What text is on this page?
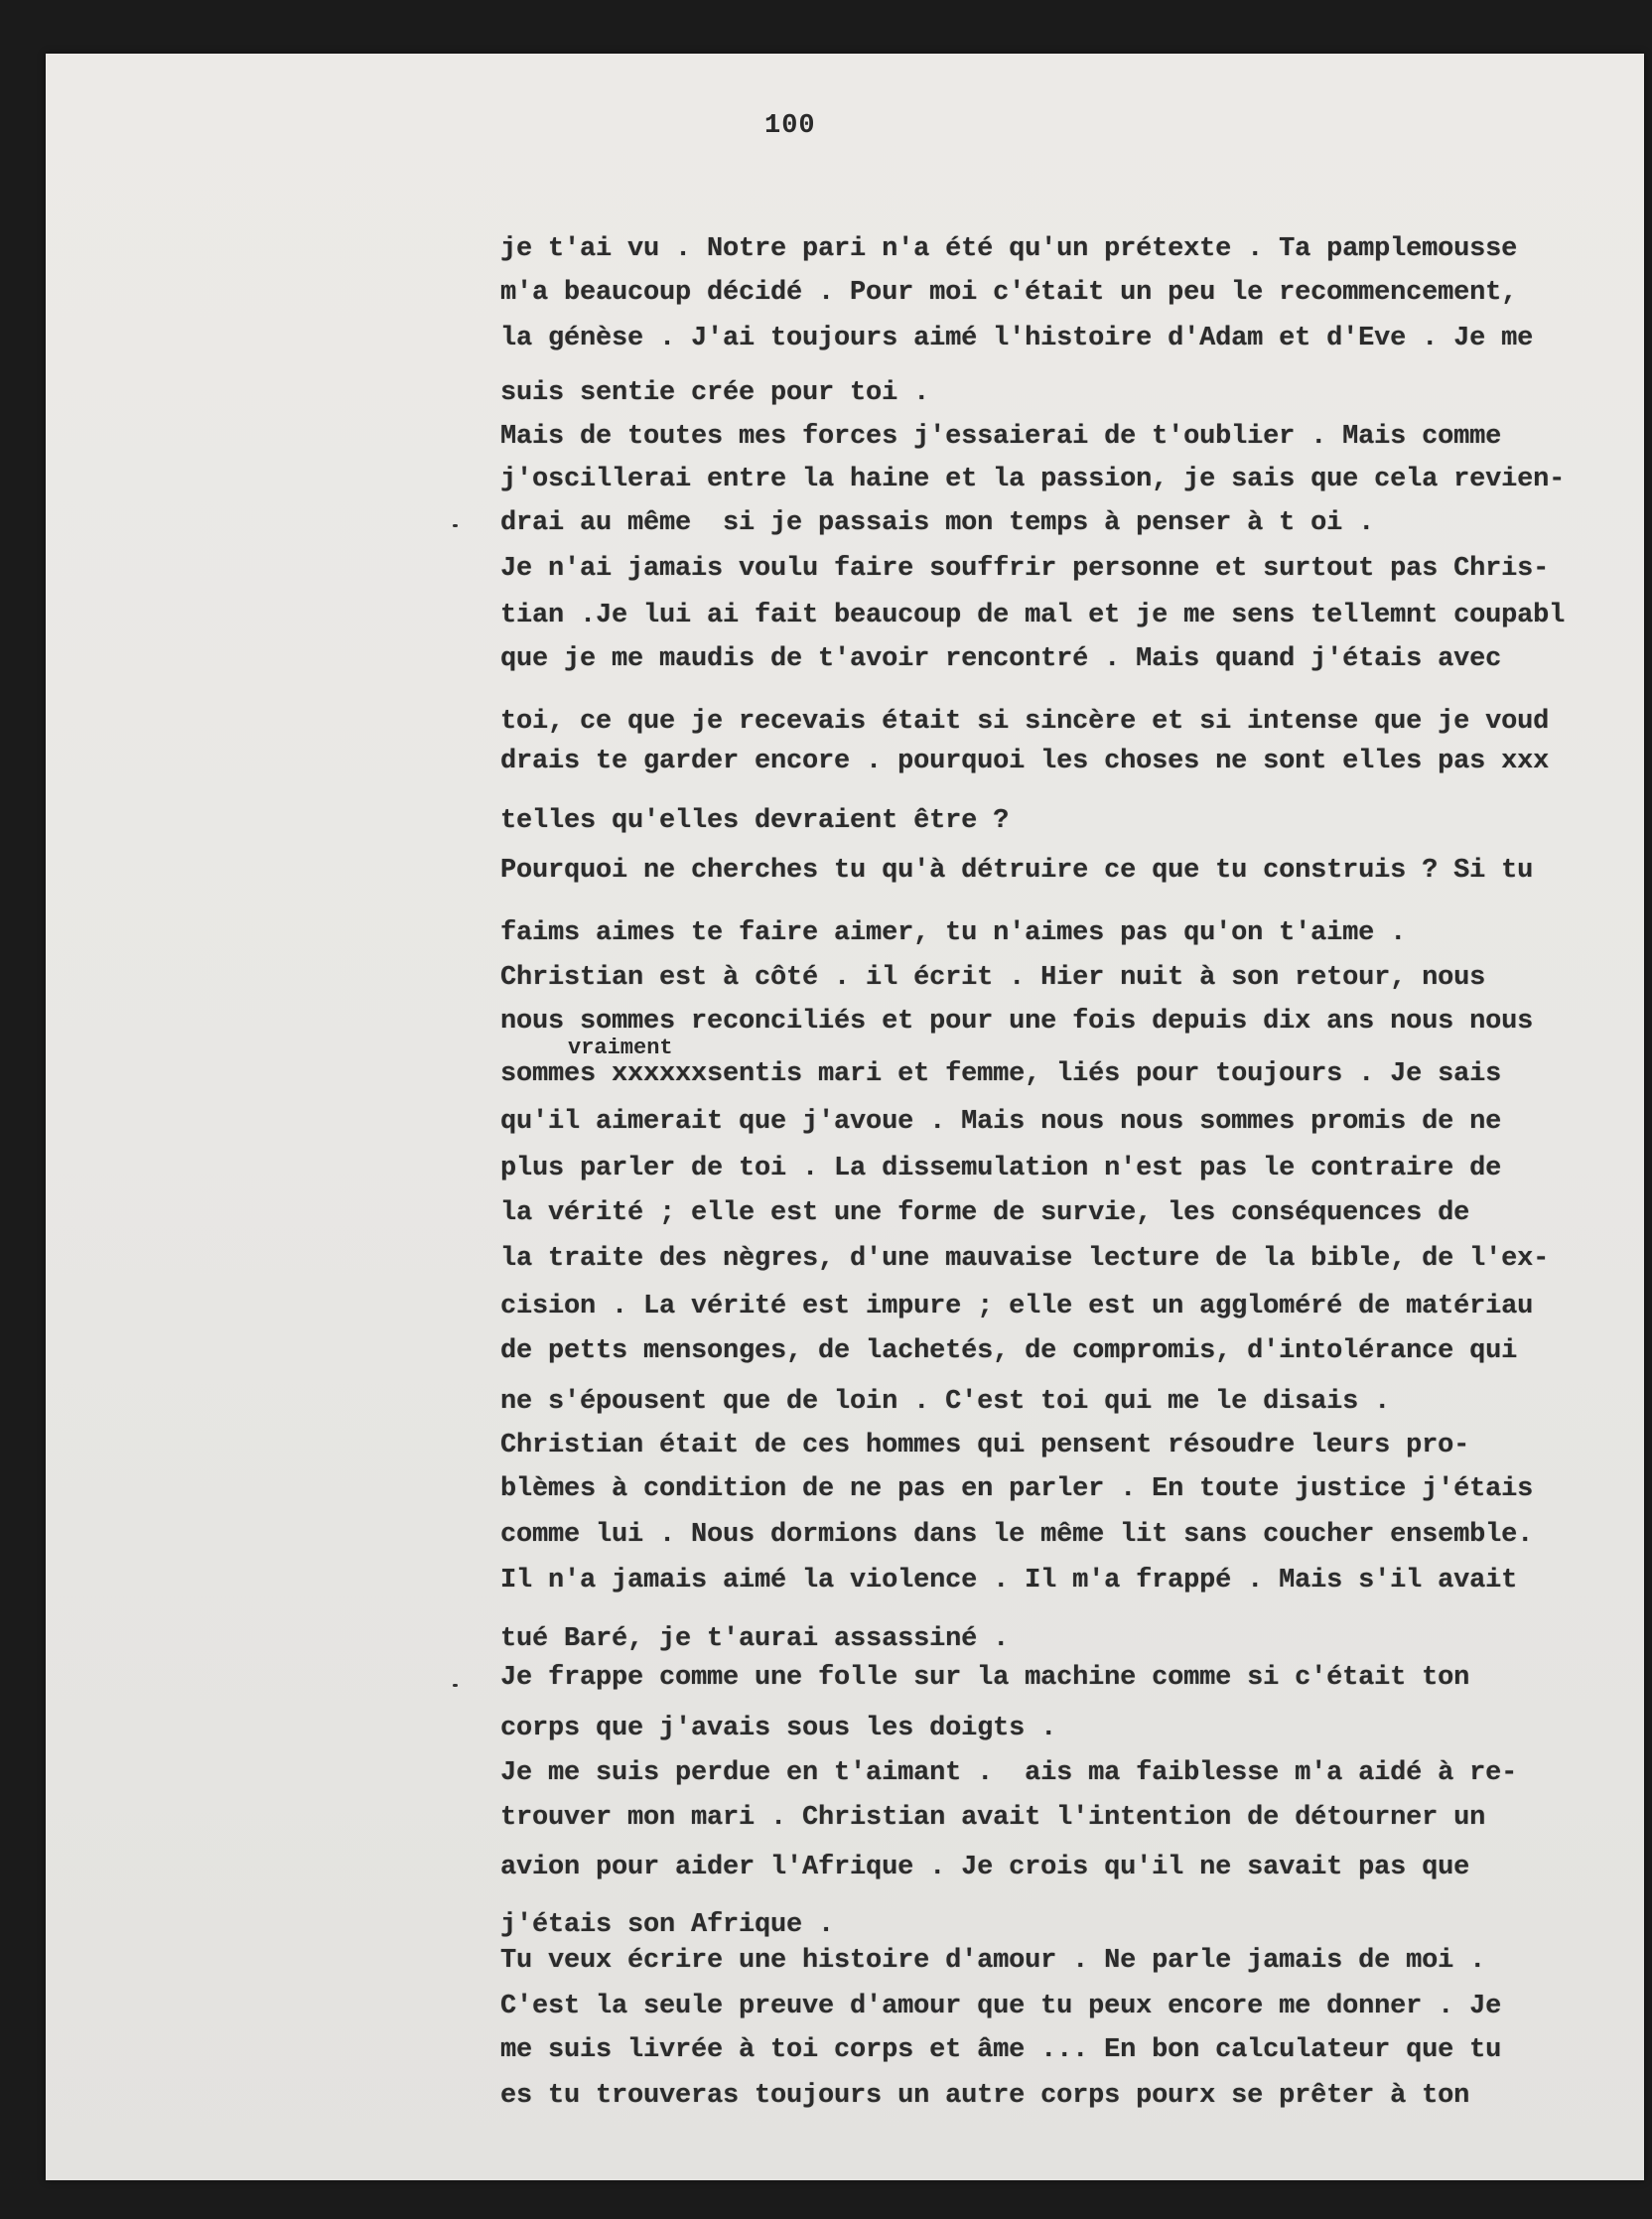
100
je t'ai vu . Notre pari n'a été qu'un prétexte . Ta pamplemousse
m'a beaucoup décidé . Pour moi c'était un peu le recommencement,
la génèse . J'ai toujours aimé l'histoire d'Adam et d'Eve . Je me
suis sentie crée pour toi .
Mais de toutes mes forces j'essaierai de t'oublier . Mais comme
j'oscillerai entre la haine et la passion, je sais que cela revien-
drai au même  si je passais mon temps à penser à t oi .
Je n'ai jamais voulu faire souffrir personne et surtout pas Chris-
tian .Je lui ai fait beaucoup de mal et je me sens tellemnt coupabl
que je me maudis de t'avoir rencontré . Mais quand j'étais avec
toi, ce que je recevais était si sincère et si intense que je voud
drais te garder encore . pourquoi les choses ne sont elles pas xxx
telles qu'elles devraient être ?
Pourquoi ne cherches tu qu'à détruire ce que tu construis ? Si tu
faims aimes te faire aimer, tu n'aimes pas qu'on t'aime .
Christian est à côté . il écrit . Hier nuit à son retour, nous
nous sommes reconciliés et pour une fois depuis dix ans nous nous
sommes xxxxxxsentis mari et femme, liés pour toujours . Je sais
qu'il aimerait que j'avoue . Mais nous nous sommes promis de ne
plus parler de toi . La dissemulation n'est pas le contraire de
la vérité ; elle est une forme de survie, les conséquences de
la traite des nègres, d'une mauvaise lecture de la bible, de l'ex-
cision . La vérité est impure ; elle est un aggloméré de matériau
de petts mensonges, de lachetés, de compromis, d'intolérance qui
ne s'épousent que de loin . C'est toi qui me le disais .
Christian était de ces hommes qui pensent résoudre leurs pro-
blèmes à condition de ne pas en parler . En toute justice j'étais
comme lui . Nous dormions dans le même lit sans coucher ensemble.
Il n'a jamais aimé la violence . Il m'a frappé . Mais s'il avait
tué Baré, je t'aurai assassiné .
Je frappe comme une folle sur la machine comme si c'était ton
corps que j'avais sous les doigts .
Je me suis perdue en t'aimant .  ais ma faiblesse m'a aidé à re-
trouver mon mari . Christian avait l'intention de détourner un
avion pour aider l'Afrique . Je crois qu'il ne savait pas que
j'étais son Afrique .
Tu veux écrire une histoire d'amour . Ne parle jamais de moi .
C'est la seule preuve d'amour que tu peux encore me donner . Je
me suis livrée à toi corps et âme ... En bon calculateur que tu
es tu trouveras toujours un autre corps pourx se prêter à ton
vraiment
